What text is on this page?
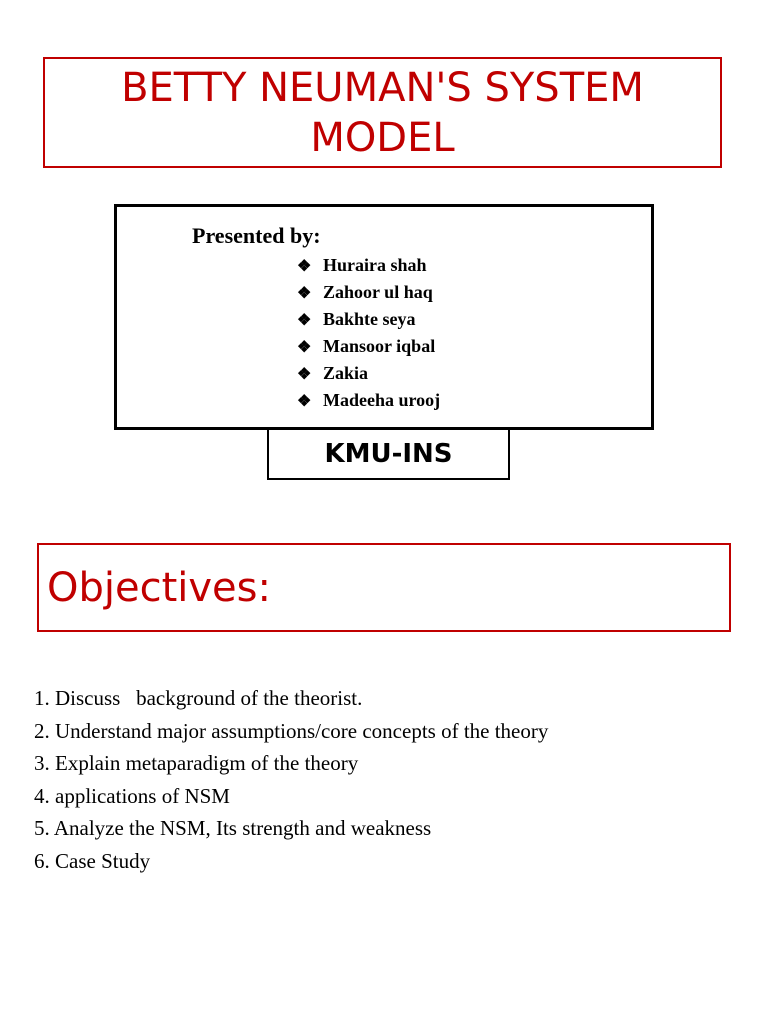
BETTY NEUMAN'S SYSTEM
MODEL
Presented by:
❖ Huraira shah
❖ Zahoor ul haq
❖ Bakhte seya
❖ Mansoor iqbal
❖ Zakia
❖ Madeeha urooj
KMU-INS
Objectives:
1. Discuss   background of the theorist.
2. Understand major assumptions/core concepts of the theory
3. Explain metaparadigm of the theory
4. applications of NSM
5. Analyze the NSM, Its strength and weakness
6. Case Study
